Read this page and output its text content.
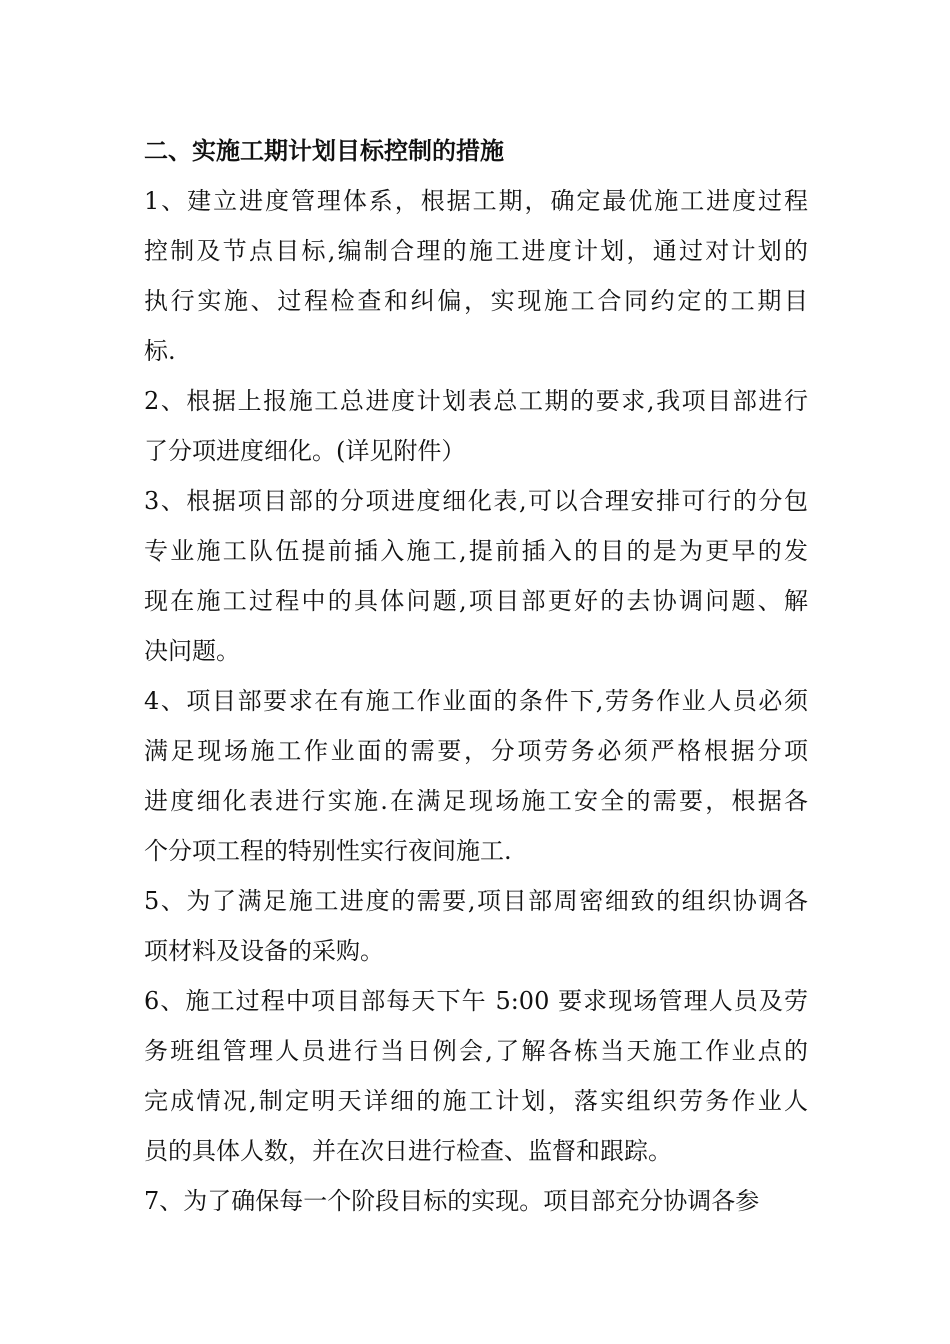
二、实施工期计划目标控制的措施
1、建立进度管理体系，根据工期，确定最优施工进度过程
控制及节点目标,编制合理的施工进度计划，通过对计划的
执行实施、过程检查和纠偏，实现施工合同约定的工期目
标.
2、根据上报施工总进度计划表总工期的要求,我项目部进行
了分项进度细化。(详见附件）
3、根据项目部的分项进度细化表,可以合理安排可行的分包
专业施工队伍提前插入施工,提前插入的目的是为更早的发
现在施工过程中的具体问题,项目部更好的去协调问题、解
决问题。
4、项目部要求在有施工作业面的条件下,劳务作业人员必须
满足现场施工作业面的需要，分项劳务必须严格根据分项
进度细化表进行实施.在满足现场施工安全的需要，根据各
个分项工程的特别性实行夜间施工.
5、为了满足施工进度的需要,项目部周密细致的组织协调各
项材料及设备的采购。
6、施工过程中项目部每天下午 5:00 要求现场管理人员及劳
务班组管理人员进行当日例会,了解各栋当天施工作业点的
完成情况,制定明天详细的施工计划，落实组织劳务作业人
员的具体人数，并在次日进行检查、监督和跟踪。
7、为了确保每一个阶段目标的实现。项目部充分协调各参
